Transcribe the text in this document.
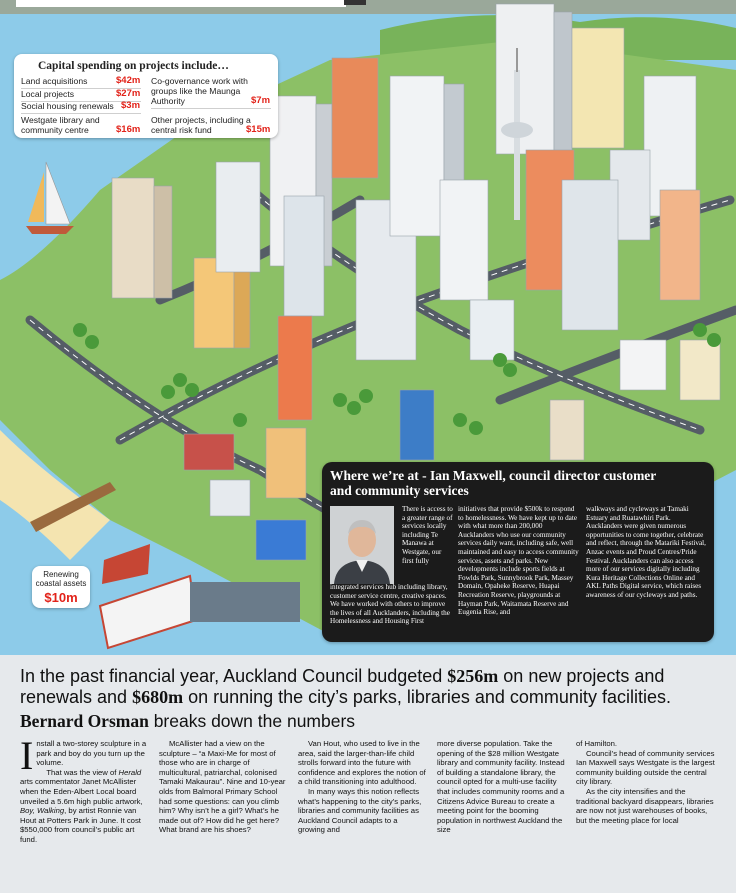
Capital spending on projects include…
Land acquisitions	$42m
Local projects	$27m
Social housing renewals $3m
Westgate library and community centre	$16m
Co-governance work with groups like the Maunga Authority	$7m
Other projects, including a central risk fund	$15m
Renewing coastal assets
$10m
Where we’re at - Ian Maxwell, council director customer and community services
There is access to a greater range of services locally including Te Manawa at Westgate, our first fully
integrated services hub including library, customer service centre, creative spaces. We have worked with others to improve the lives of all Aucklanders, including the Homelessness and Housing First
initiatives that provide $500k to respond to homelessness. We have kept up to date with what more than 200,000 Aucklanders who use our community services daily want, including safe, well maintained and easy to access community services, assets and parks. New developments include sports fields at Fowlds Park, Sunnybrook Park, Massey Domain, Opaheke Reserve, Huapai Recreation Reserve, playgrounds at Hayman Park, Waitamata Reserve and Eugenia Rise, and
walkways and cycleways at Tamaki Estuary and Ruatawhiri Park. Aucklanders were given numerous opportunities to come together, celebrate and reflect, through the Matariki Festival, Anzac events and Proud Centres/Pride Festival. Aucklanders can also access more of our services digitally including Kura Heritage Collections Online and AKL Paths Digital service, which raises awareness of our cycleways and paths.
In the past financial year, Auckland Council budgeted $256m on new projects and renewals and $680m on running the city’s parks, libraries and community facilities.
Bernard Orsman breaks down the numbers

Install a two-storey sculpture in a park and boy do you turn up the volume.

That was the view of Herald arts commentator Janet McAllister when the Eden-Albert Local board unveiled a 5.6m high public artwork, Boy, Walking, by artist Ronnie van Hout at Potters Park in June. It cost $550,000 from council’s public art fund.

McAllister had a view on the sculpture – “a Maxi-Me for most of those who are in charge of multicultural, patriarchal, colonised Tamaki Makaurau”. Nine and 10-year olds from Balmoral Primary School had some questions: can you climb him? Why isn’t he a girl? What’s he made out of? How did he get here? What brand are his shoes?

Van Hout, who used to live in the area, said the larger-than-life child strolls forward into the future with confidence and explores the notion of a child transitioning into adulthood.

In many ways this notion reflects what’s happening to the city’s parks, libraries and community facilities as Auckland Council adapts to a growing and

more diverse population. Take the opening of the $28 million Westgate library and community facility. Instead of building a standalone library, the council opted for a multi-use facility that includes community rooms and a Citizens Advice Bureau to create a meeting point for the booming population in northwest Auckland the size

of Hamilton.

Council’s head of community services Ian Maxwell says Westgate is the largest community building outside the central city library.

As the city intensifies and the traditional backyard disappears, libraries are now not just warehouses of books, but the meeting place for local
